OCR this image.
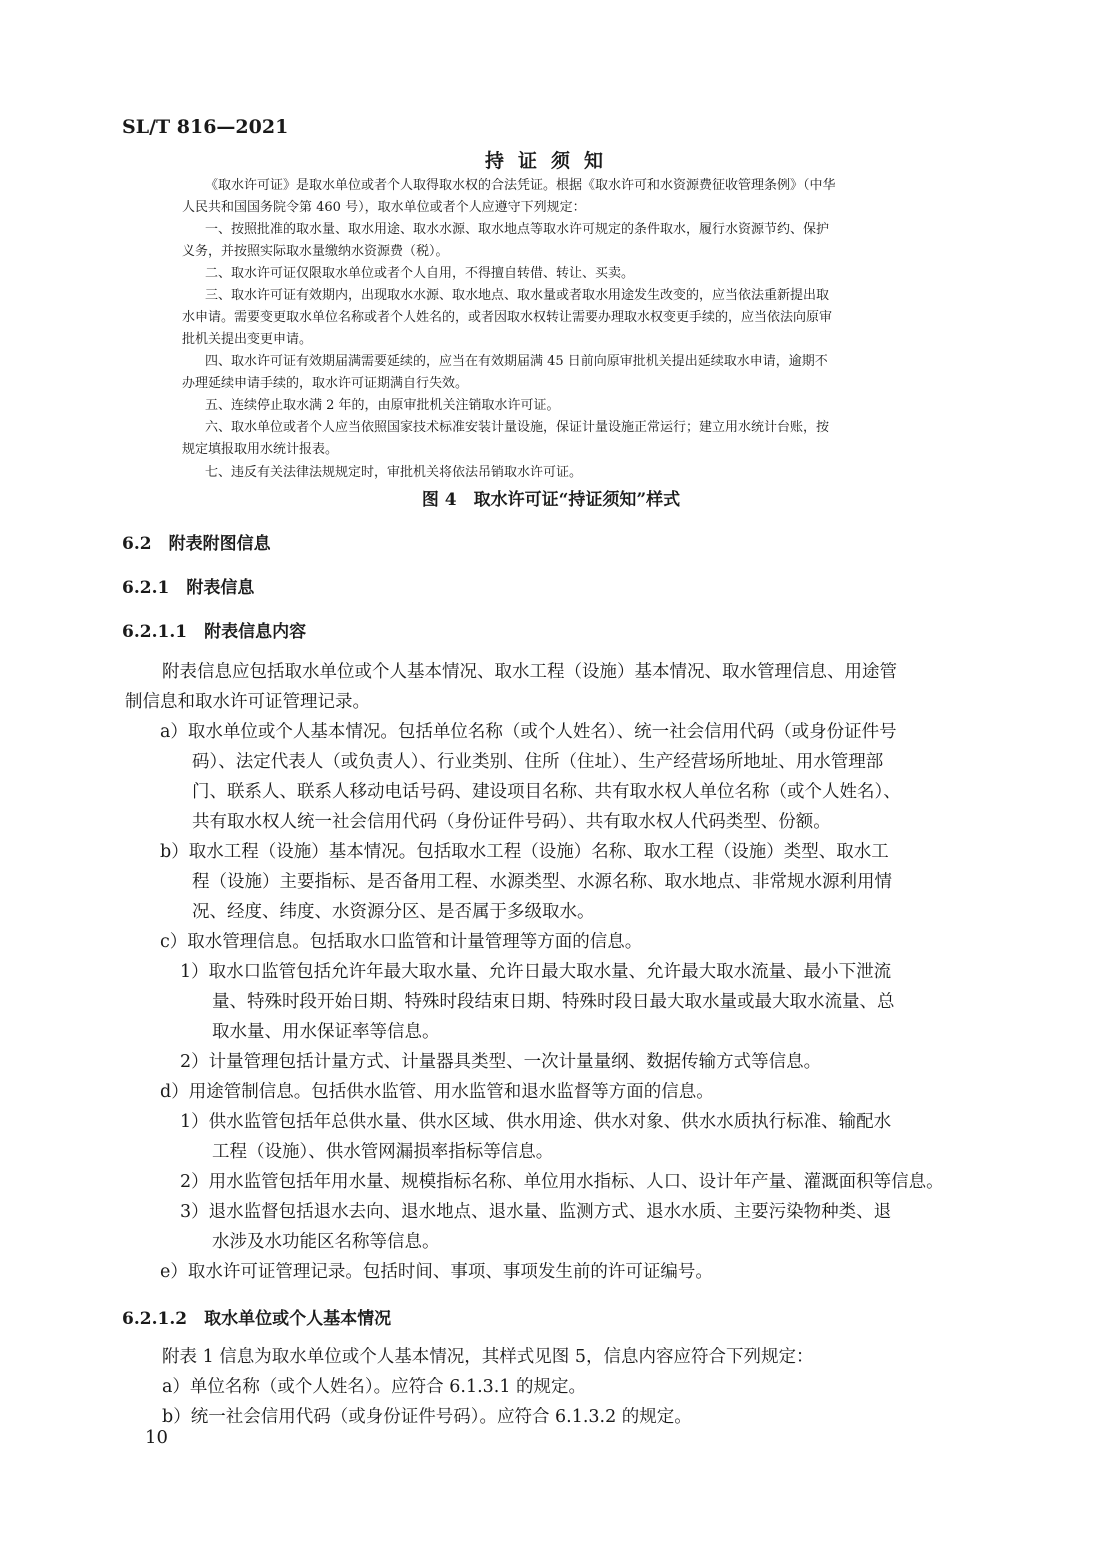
SL/T 816—2021
持证须知
《取水许可证》是取水单位或者个人取得取水权的合法凭证。根据《取水许可和水资源费征收管理条例》（中华
人民共和国国务院令第 460 号），取水单位或者个人应遵守下列规定：
一、按照批准的取水量、取水用途、取水水源、取水地点等取水许可规定的条件取水，履行水资源节约、保护
义务，并按照实际取水量缴纳水资源费（税）。
二、取水许可证仅限取水单位或者个人自用，不得擅自转借、转让、买卖。
三、取水许可证有效期内，出现取水水源、取水地点、取水量或者取水用途发生改变的，应当依法重新提出取
水申请。需要变更取水单位名称或者个人姓名的，或者因取水权转让需要办理取水权变更手续的，应当依法向原审
批机关提出变更申请。
四、取水许可证有效期届满需要延续的，应当在有效期届满 45 日前向原审批机关提出延续取水申请，逾期不
办理延续申请手续的，取水许可证期满自行失效。
五、连续停止取水满 2 年的，由原审批机关注销取水许可证。
六、取水单位或者个人应当依照国家技术标准安装计量设施，保证计量设施正常运行；建立用水统计台账，按
规定填报取用水统计报表。
图 4　取水许可证“持证须知”样式
6.2　附表附图信息
6.2.1　附表信息
6.2.1.1　附表信息内容
附表信息应包括取水单位或个人基本情况、取水工程（设施）基本情况、取水管理信息、用途管
制信息和取水许可证管理记录。
a）取水单位或个人基本情况。包括单位名称（或个人姓名）、统一社会信用代码（或身份证件号
码）、法定代表人（或负责人）、行业类别、住所（住址）、生产经营场所地址、用水管理部
门、联系人、联系人移动电话号码、建设项目名称、共有取水权人单位名称（或个人姓名）、
共有取水权人统一社会信用代码（身份证件号码）、共有取水权人代码类型、份额。
b）取水工程（设施）基本情况。包括取水工程（设施）名称、取水工程（设施）类型、取水工
程（设施）主要指标、是否备用工程、水源类型、水源名称、取水地点、非常规水源利用情
况、经度、纬度、水资源分区、是否属于多级取水。
c）取水管理信息。包括取水口监管和计量管理等方面的信息。
1）取水口监管包括允许年最大取水量、允许日最大取水量、允许最大取水流量、最小下泄流
量、特殊时段开始日期、特殊时段结束日期、特殊时段日最大取水量或最大取水流量、总
取水量、用水保证率等信息。
2）计量管理包括计量方式、计量器具类型、一次计量量纲、数据传输方式等信息。
d）用途管制信息。包括供水监管、用水监管和退水监督等方面的信息。
1）供水监管包括年总供水量、供水区域、供水用途、供水对象、供水水质执行标准、输配水
工程（设施）、供水管网漏损率指标等信息。
2）用水监管包括年用水量、规模指标名称、单位用水指标、人口、设计年产量、灌溉面积等信息。
3）退水监督包括退水去向、退水地点、退水量、监测方式、退水水质、主要污染物种类、退
水涉及水功能区名称等信息。
e）取水许可证管理记录。包括时间、事项、事项发生前的许可证编号。
6.2.1.2　取水单位或个人基本情况
附表 1 信息为取水单位或个人基本情况，其样式见图 5，信息内容应符合下列规定：
a）单位名称（或个人姓名）。应符合 6.1.3.1 的规定。
b）统一社会信用代码（或身份证件号码）。应符合 6.1.3.2 的规定。
10
七、违反有关法律法规规定时，审批机关将依法吊销取水许可证。
